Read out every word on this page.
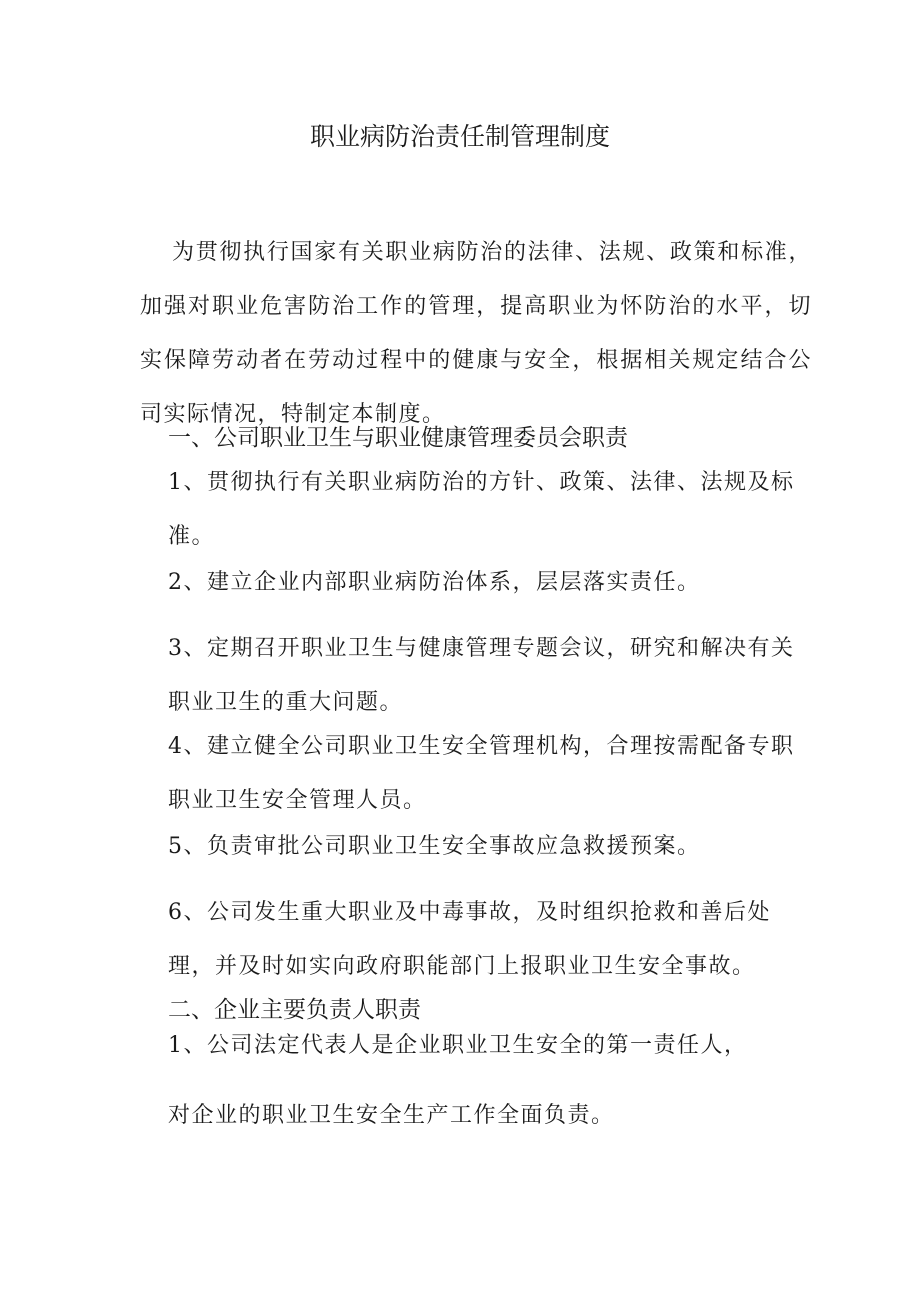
职业病防治责任制管理制度

为贯彻执行国家有关职业病防治的法律、法规、政策和标准，加强对职业危害防治工作的管理，提高职业为怀防治的水平，切实保障劳动者在劳动过程中的健康与安全，根据相关规定结合公司实际情况，特制定本制度。

一、公司职业卫生与职业健康管理委员会职责
1、贯彻执行有关职业病防治的方针、政策、法律、法规及标
准。
2、建立企业内部职业病防治体系，层层落实责任。
3、定期召开职业卫生与健康管理专题会议，研究和解决有关
职业卫生的重大问题。
4、建立健全公司职业卫生安全管理机构，合理按需配备专职
职业卫生安全管理人员。
5、负责审批公司职业卫生安全事故应急救援预案。
6、公司发生重大职业及中毒事故，及时组织抢救和善后处
理，并及时如实向政府职能部门上报职业卫生安全事故。
二、企业主要负责人职责
1、公司法定代表人是企业职业卫生安全的第一责任人，
对企业的职业卫生安全生产工作全面负责。
